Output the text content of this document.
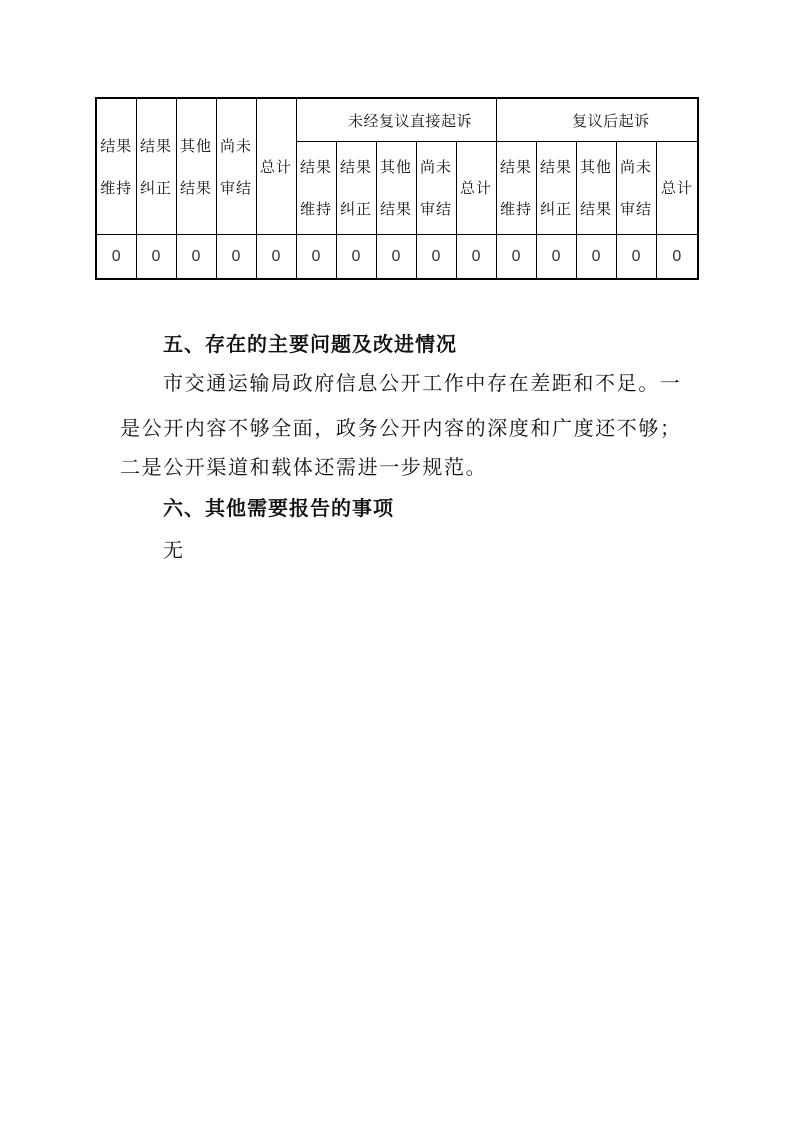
结果维持	结果纠正	其他结果	尚未审结	总计	未经复议直接起诉					复议后起诉				

					结果维持	结果纠正	其他结果	尚未审结	总计	结果维持	结果纠正	其他结果	尚未审结	总计

0	0	0	0	0	0	0	0	0	0	0	0	0	0	0
五、存在的主要问题及改进情况
市交通运输局政府信息公开工作中存在差距和不足。一
是公开内容不够全面，政务公开内容的深度和广度还不够；
二是公开渠道和载体还需进一步规范。
六、其他需要报告的事项
无
